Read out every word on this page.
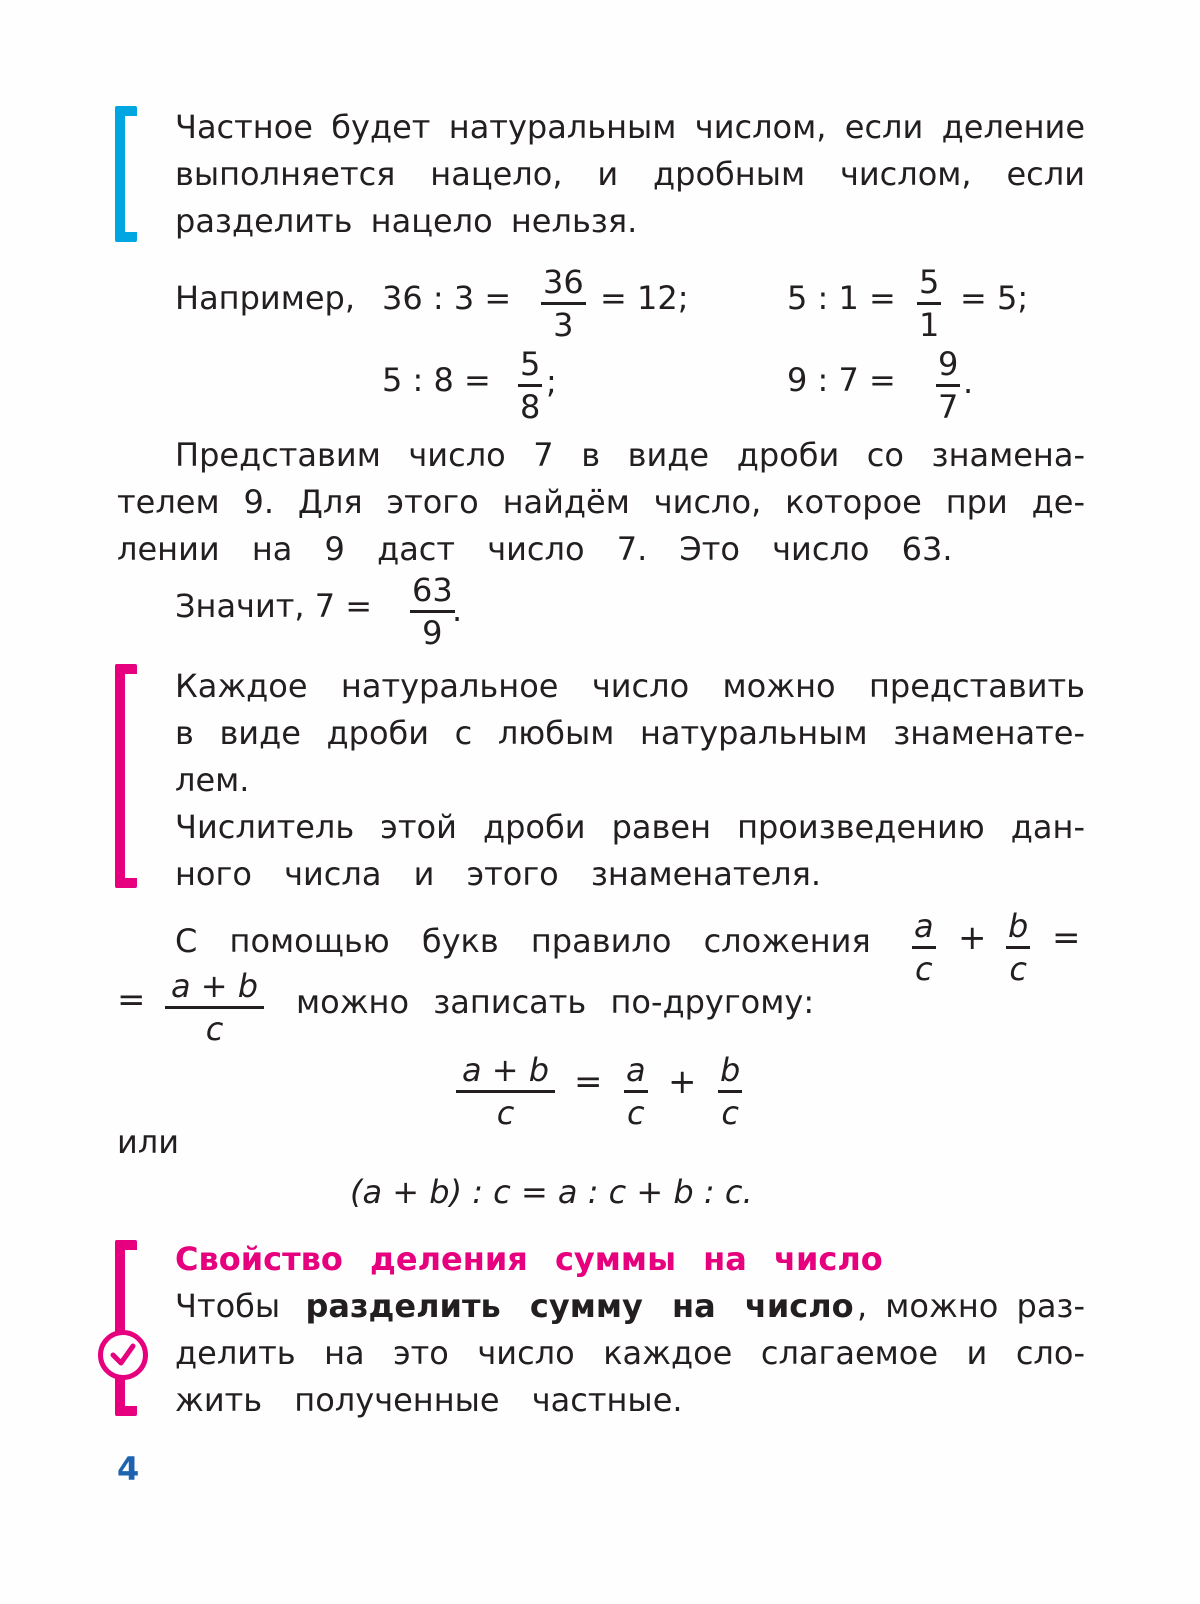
Частное будет натуральным числом, если деление
выполняется нацело, и дробным числом, если
разделить нацело нельзя.
Например, 36 : $3 = \frac{36}{3} = 12$;	5 : $1 = \frac{5}{1} = 5$;
5 : $8 = \frac{5}{8}$ ;	9 : $7 = \frac{9}{7}$ .
Представим число 7 в виде дроби со знамена-
телем 9. Для этого найдём число, которое при де-
лении на 9 даст число 7. Это число 63.
Значит, $7 = \frac{63}{9}$
.
Каждое натуральное число можно представить
в виде дроби с любым натуральным знаменате-
лем.
Числитель этой дроби равен произведению дан-
ного числа и этого знаменателя.
С помощью букв правило сложения $\frac{a}{c} + \frac{b}{c}$ =
= $\frac{a + b}{c}$ можно записать по-другому:
$\frac{a + b}{c} = \frac{a}{c} + \frac{b}{c}$
или
(a + b) : c = a : c + b : c.
Свойство деления суммы на число
Чтобы разделить сумму на число , можно раз-
делить на это число каждое слагаемое и сло-
жить полученные частные.
4
